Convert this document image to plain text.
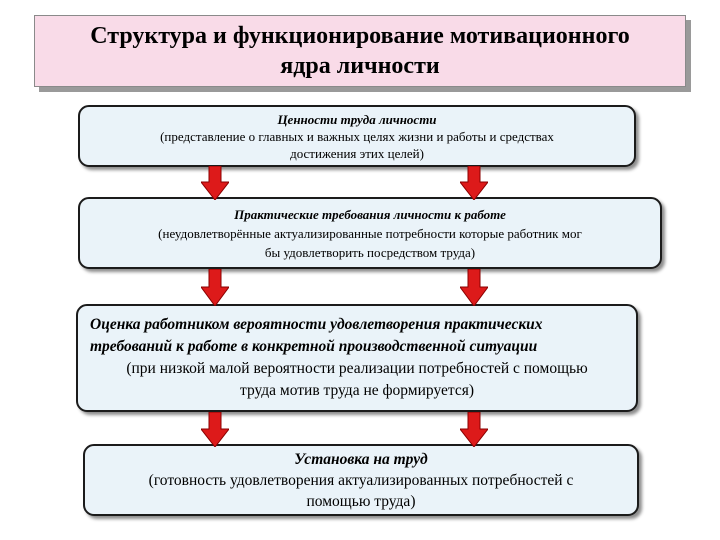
Структура и функционирование мотивационного
ядра личности
Ценности труда личности
(представление о главных и важных целях жизни и работы и средствах
достижения этих целей)
Практические требования личности к работе
(неудовлетворённые актуализированные потребности которые работник мог
бы удовлетворить посредством труда)
Оценка работником вероятности удовлетворения практических
требований к работе в конкретной производственной ситуации
(при низкой малой вероятности реализации потребностей с помощью
труда мотив труда не формируется)
Установка на труд
(готовность удовлетворения актуализированных потребностей с
помощью труда)
